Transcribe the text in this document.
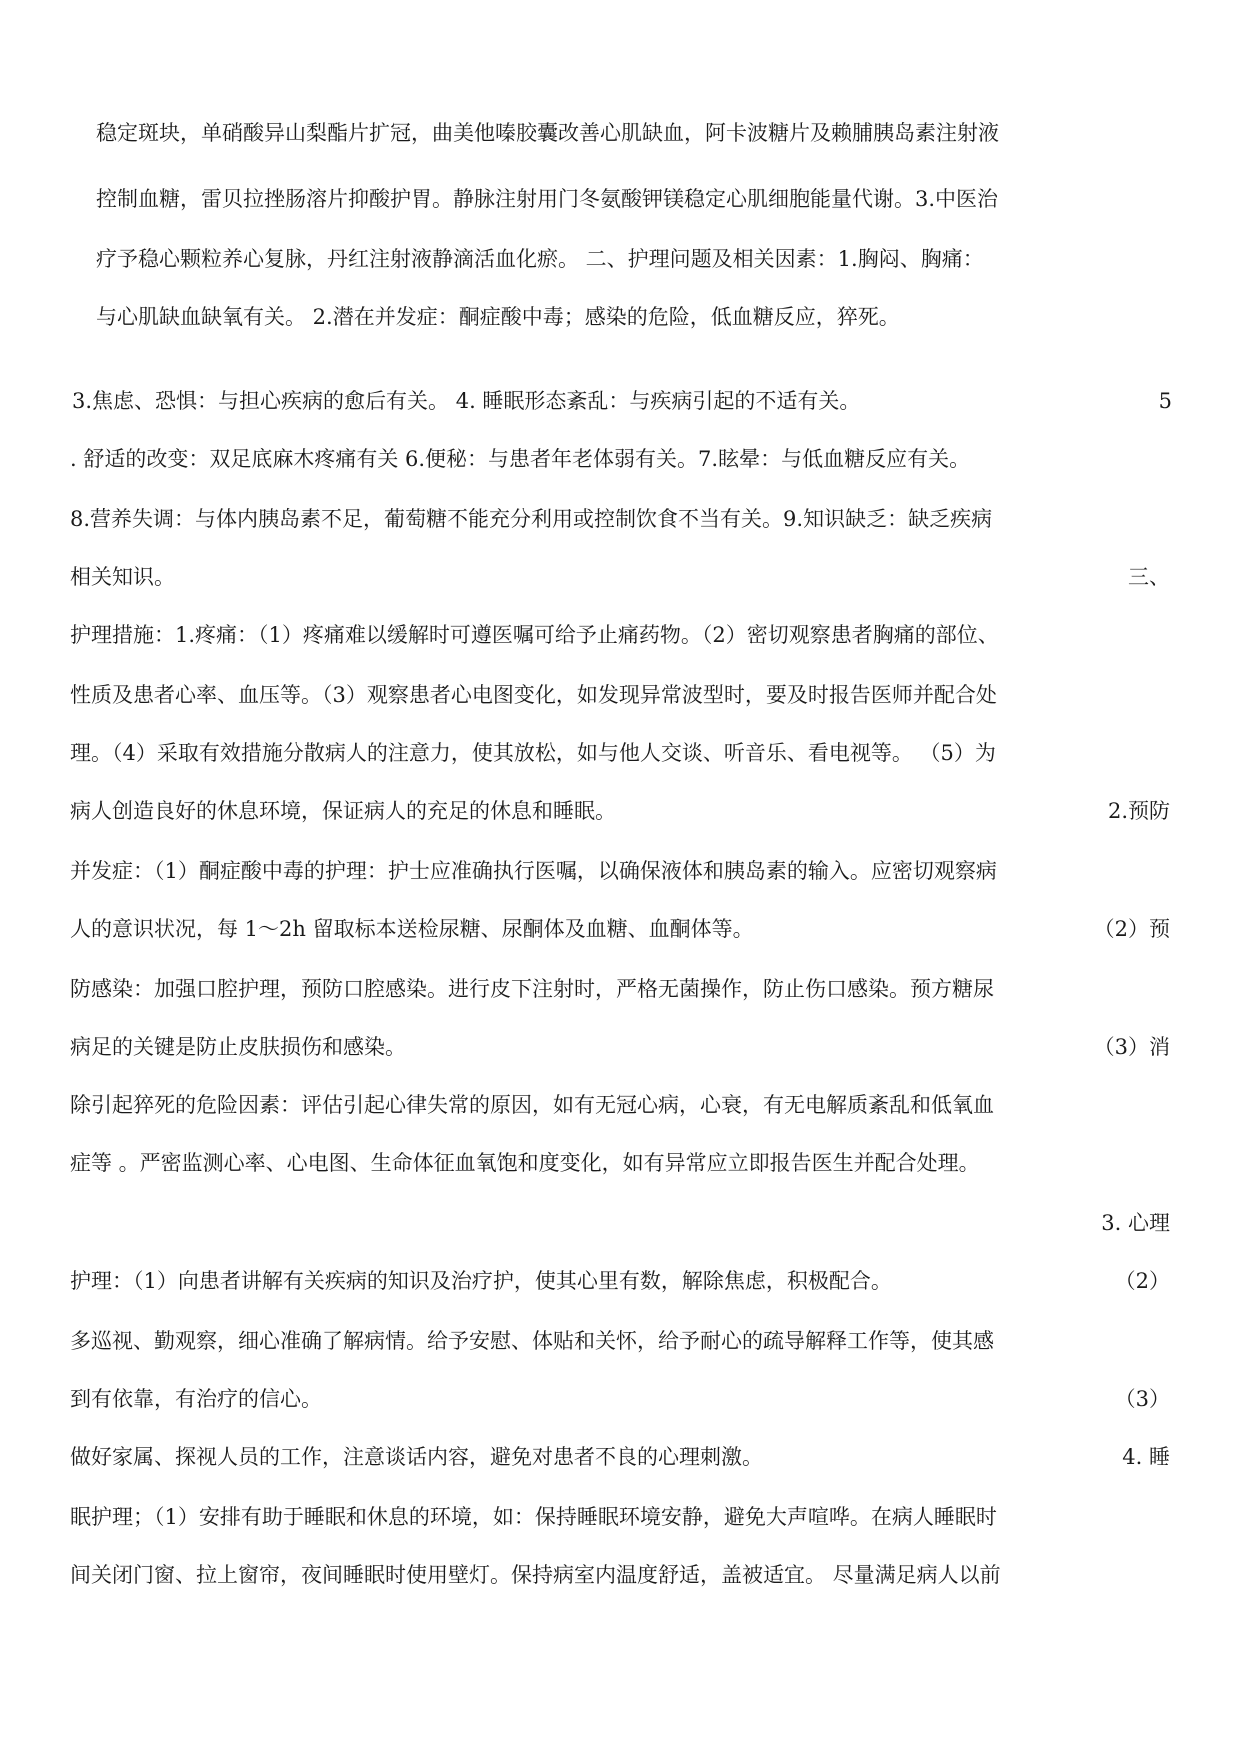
稳定斑块，单硝酸异山梨酯片扩冠，曲美他嗪胶囊改善心肌缺血，阿卡波糖片及赖脯胰岛素注射液
控制血糖，雷贝拉挫肠溶片抑酸护胃。静脉注射用门冬氨酸钾镁稳定心肌细胞能量代谢。3.中医治
疗予稳心颗粒养心复脉，丹红注射液静滴活血化瘀。 二、护理问题及相关因素：1.胸闷、胸痛：
与心肌缺血缺氧有关。 2.潜在并发症：酮症酸中毒；感染的危险，低血糖反应，猝死。
3.焦虑、恐惧：与担心疾病的愈后有关。 4. 睡眠形态紊乱：与疾病引起的不适有关。	5
. 舒适的改变：双足底麻木疼痛有关 6.便秘：与患者年老体弱有关。7.眩晕：与低血糖反应有关。
8.营养失调：与体内胰岛素不足，葡萄糖不能充分利用或控制饮食不当有关。9.知识缺乏：缺乏疾病
相关知识。	三、
护理措施：1.疼痛：（1）疼痛难以缓解时可遵医嘱可给予止痛药物。（2）密切观察患者胸痛的部位、
性质及患者心率、血压等。（3）观察患者心电图变化，如发现异常波型时，要及时报告医师并配合处
理。（4）采取有效措施分散病人的注意力，使其放松，如与他人交谈、听音乐、看电视等。 （5）为
病人创造良好的休息环境，保证病人的充足的休息和睡眠。	2.预防
并发症：（1）酮症酸中毒的护理：护士应准确执行医嘱，以确保液体和胰岛素的输入。应密切观察病
人的意识状况，每 1～2h 留取标本送检尿糖、尿酮体及血糖、血酮体等。	（2）预
防感染：加强口腔护理，预防口腔感染。进行皮下注射时，严格无菌操作，防止伤口感染。预方糖尿
病足的关键是防止皮肤损伤和感染。	（3）消
除引起猝死的危险因素：评估引起心律失常的原因，如有无冠心病，心衰，有无电解质紊乱和低氧血
症等 。严密监测心率、心电图、生命体征血氧饱和度变化，如有异常应立即报告医生并配合处理。
3. 心理
护理：（1）向患者讲解有关疾病的知识及治疗护，使其心里有数，解除焦虑，积极配合。	（2）
多巡视、勤观察，细心准确了解病情。给予安慰、体贴和关怀，给予耐心的疏导解释工作等，使其感
到有依靠，有治疗的信心。	（3）
做好家属、探视人员的工作，注意谈话内容，避免对患者不良的心理刺激。	4. 睡
眠护理；（1）安排有助于睡眠和休息的环境，如：保持睡眠环境安静，避免大声喧哗。在病人睡眠时
间关闭门窗、拉上窗帘，夜间睡眠时使用壁灯。保持病室内温度舒适，盖被适宜。 尽量满足病人以前
